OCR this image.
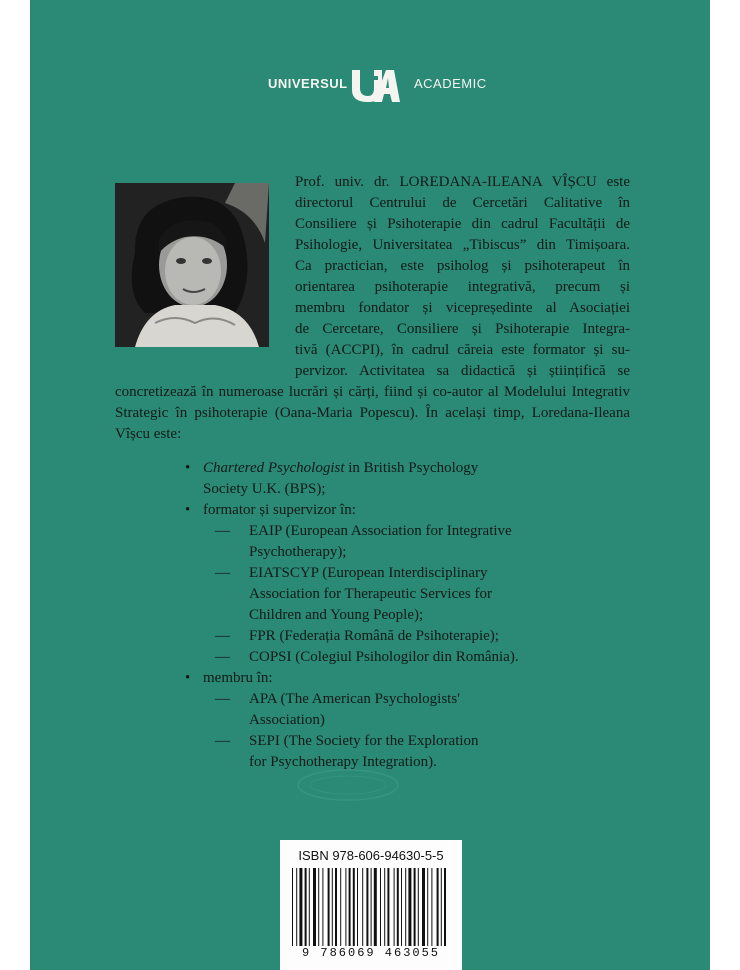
UNIVERSUL	ACADEMIC
Prof. univ. dr. LOREDANA-ILEANA VÎȘCU este
directorul Centrului de Cercetări Calitative în
Consiliere și Psihoterapie din cadrul Facultății de
Psihologie, Universitatea „Tibiscus” din Timișoara.
Ca practician, este psiholog și psihoterapeut în
orientarea psihoterapie integrativă, precum și
membru fondator și vicepreședinte al Asociației
de Cercetare, Consiliere și Psihoterapie Integra-
tivă (ACCPI), în cadrul căreia este formator și su-
pervizor. Activitatea sa didactică și științifică se

concretizează în numeroase lucrări și cărți, fiind și co-autor al Modelului Integrativ Strategic în psihoterapie (Oana-Maria Popescu). În același timp, Loredana-Ileana Vîșcu este:

• Chartered Psychologist in British Psychology
Society U.K. (BPS);
• formator și supervizor în:
— EAIP (European Association for Integrative
Psychotherapy);
— EIATSCYP (European Interdisciplinary
Association for Therapeutic Services for
Children and Young People);
— FPR (Federația Română de Psihoterapie);
— COPSI (Colegiul Psihologilor din România).
• membru în:
— APA (The American Psychologists'
Association)
— SEPI (The Society for the Exploration
for Psychotherapy Integration).
ISBN 978-606-94630-5-5
9 786069 463055
